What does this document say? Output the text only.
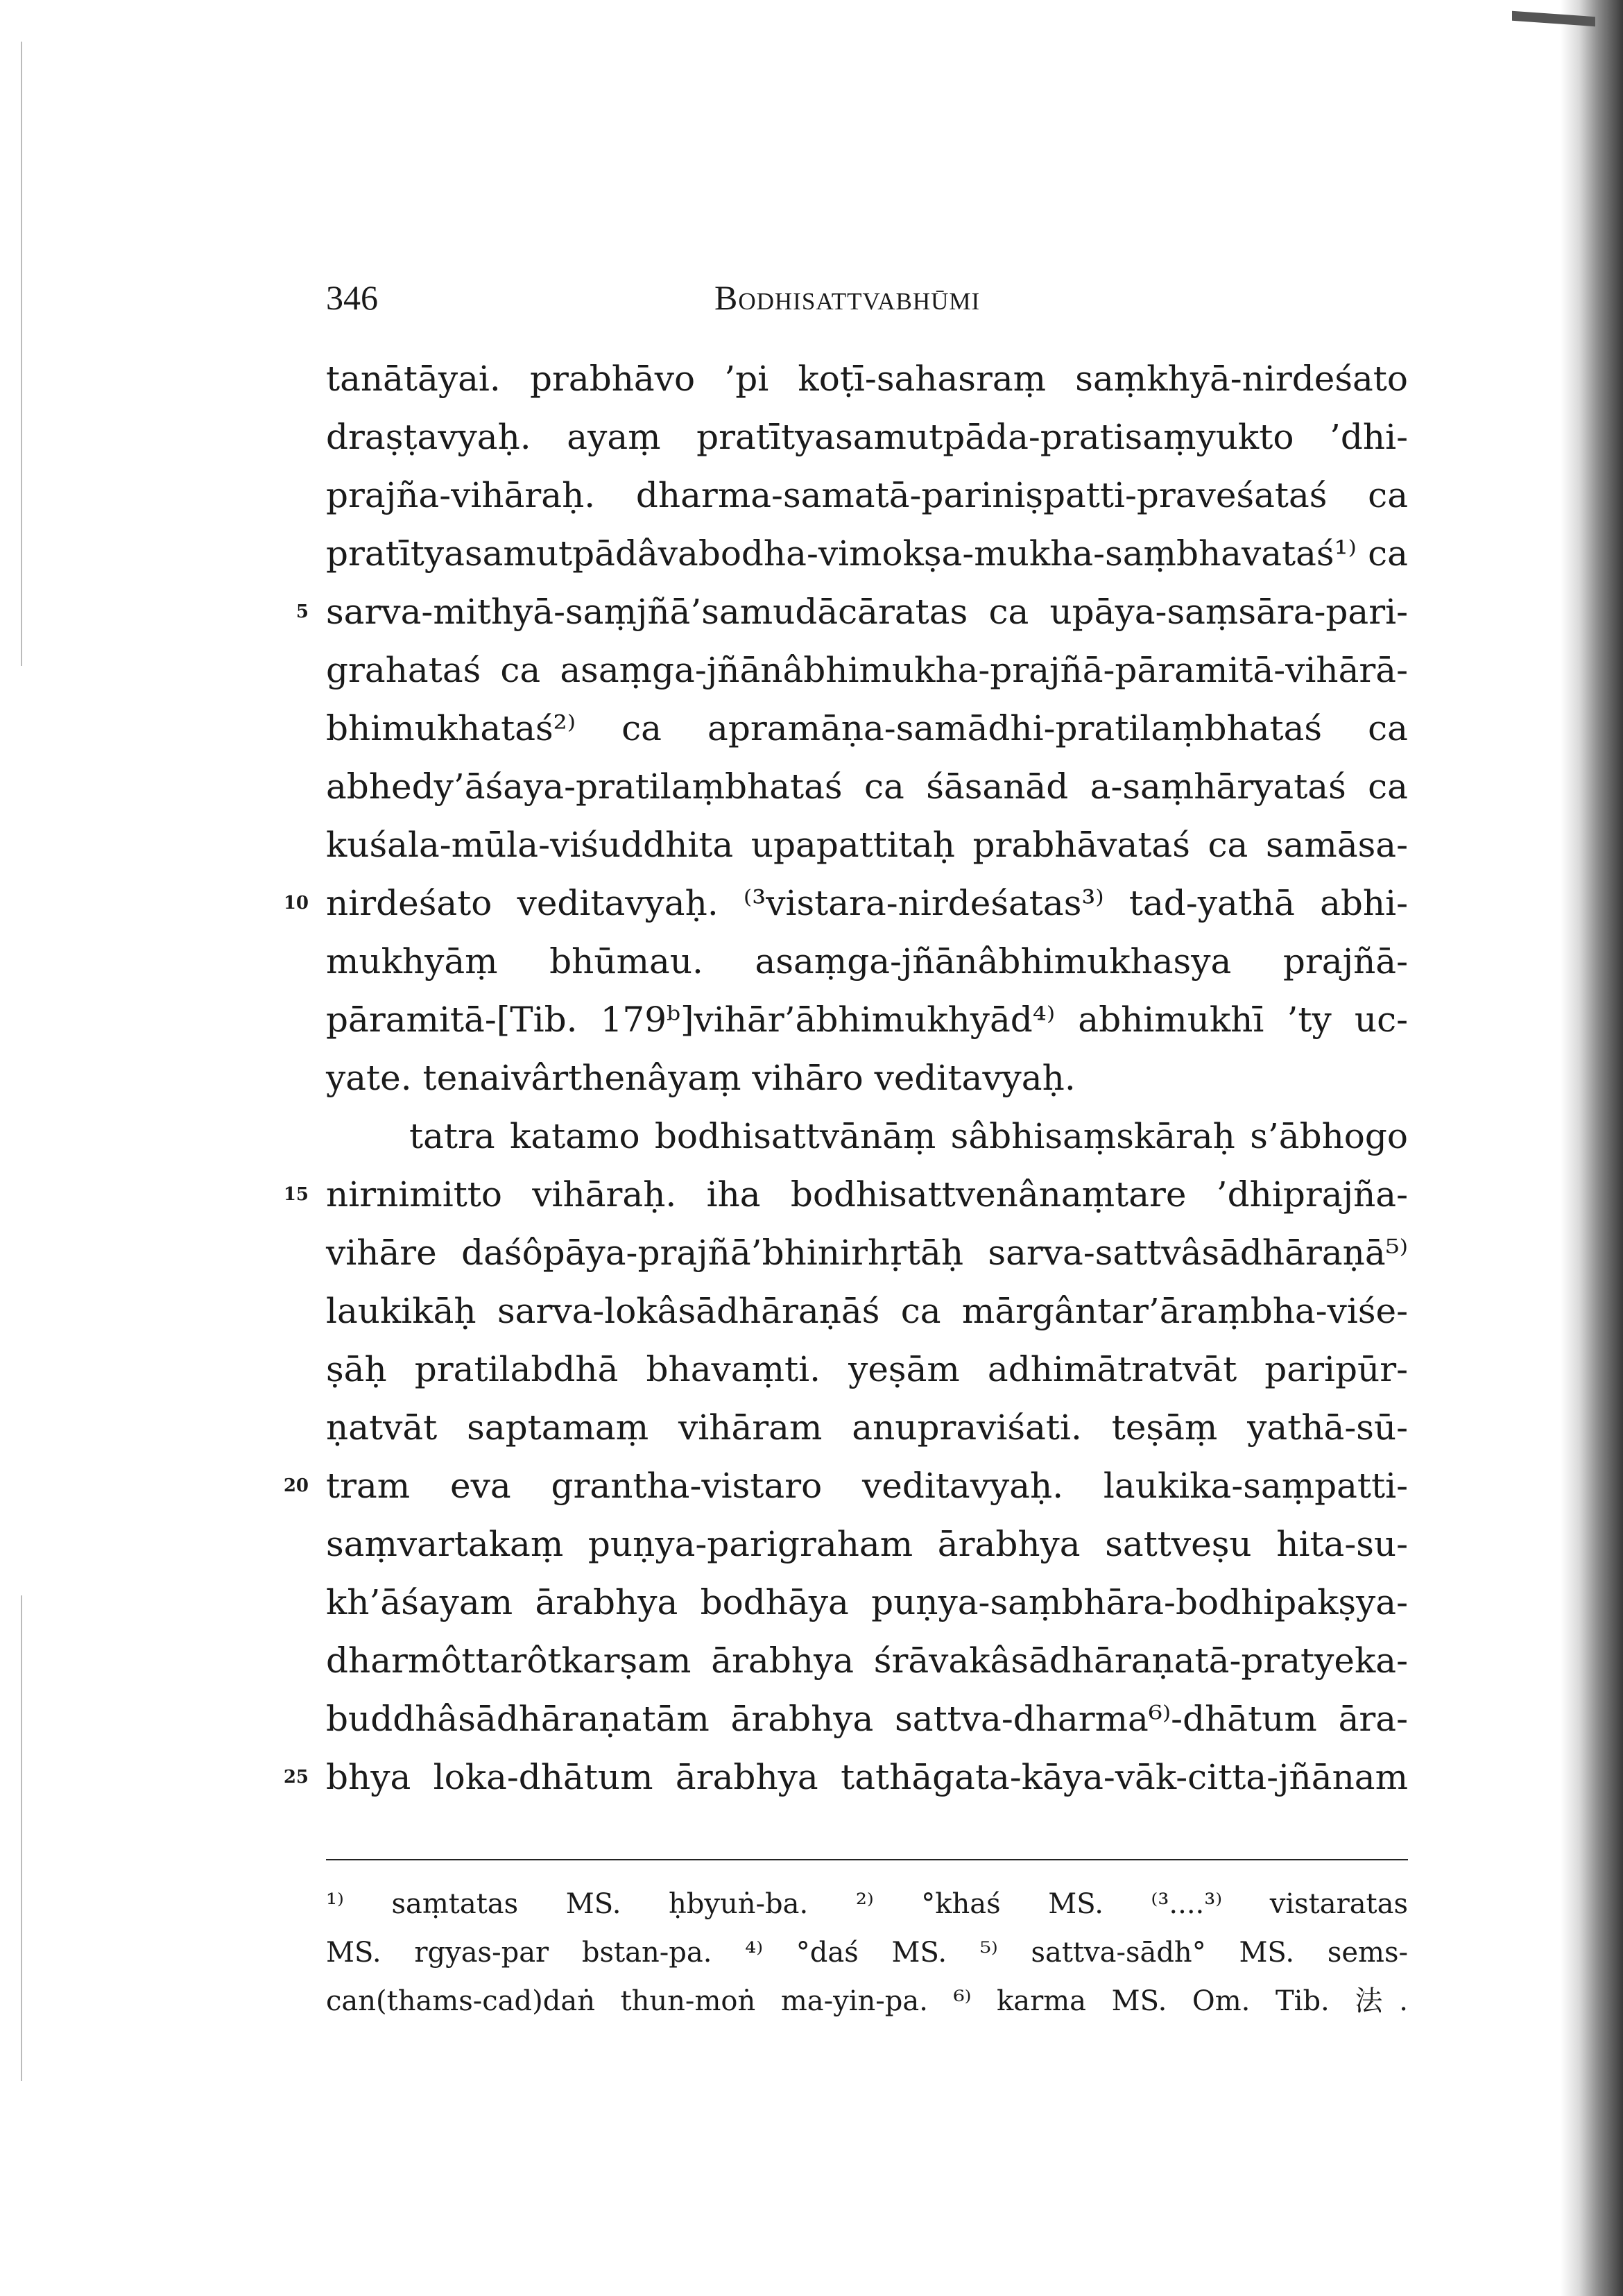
346	Bodhisattvabhūmi
tanātāyai. prabhāvo ’pi koṭī-sahasraṃ saṃkhyā-nirdeśato
draṣṭavyaḥ. ayaṃ pratītyasamutpāda-pratisaṃyukto ’dhi-
prajña-vihāraḥ. dharma-samatā-pariniṣpatti-praveśataś ca
pratītyasamutpādâvabodha-vimokṣa-mukha-saṃbhavataś¹⁾ ca
5 sarva-mithyā-saṃjñā’samudācāratas ca upāya-saṃsāra-pari-
grahataś ca asaṃga-jñānâbhimukha-prajñā-pāramitā-vihārā-
bhimukhataś²⁾ ca apramāṇa-samādhi-pratilaṃbhataś ca
abhedy’āśaya-pratilaṃbhataś ca śāsanād a-saṃhāryataś ca
kuśala-mūla-viśuddhita upapattitaḥ prabhāvataś ca samāsa-
10 nirdeśato veditavyaḥ. ⁽³vistara-nirdeśatas³⁾ tad-yathā abhi-
mukhyāṃ bhūmau. asaṃga-jñānâbhimukhasya prajñā-
pāramitā-[Tib. 179ᵇ]vihār’ābhimukhyād⁴⁾ abhimukhī ’ty uc-
yate. tenaivârthenâyaṃ vihāro veditavyaḥ.
tatra katamo bodhisattvānāṃ sâbhisaṃskāraḥ s’ābhogo
15 nirnimitto vihāraḥ. iha bodhisattvenânaṃtare ’dhiprajña-
vihāre daśôpāya-prajñā’bhinirhṛtāḥ sarva-sattvâsādhāraṇā⁵⁾
laukikāḥ sarva-lokâsādhāraṇāś ca mārgântar’āraṃbha-viśe-
ṣāḥ pratilabdhā bhavaṃti. yeṣām adhimātratvāt paripūr-
ṇatvāt saptamaṃ vihāram anupraviśati. teṣāṃ yathā-sū-
20 tram eva grantha-vistaro veditavyaḥ. laukika-saṃpatti-
saṃvartakaṃ puṇya-parigraham ārabhya sattveṣu hita-su-
kh’āśayam ārabhya bodhāya puṇya-saṃbhāra-bodhipakṣya-
dharmôttarôtkarṣam ārabhya śrāvakâsādhāraṇatā-pratyeka-
buddhâsādhāraṇatām ārabhya sattva-dharma⁶⁾-dhātum āra-
25 bhya loka-dhātum ārabhya tathāgata-kāya-vāk-citta-jñānam
¹⁾ saṃtatas MS. ḥbyuṅ-ba. ²⁾ °khaś MS. ⁽³....³⁾ vistaratas
MS. rgyas-par bstan-pa. ⁴⁾ °daś MS. ⁵⁾ sattva-sādh° MS. sems-
can(thams-cad)daṅ thun-moṅ ma-yin-pa. ⁶⁾ karma MS. Om. Tib. 法.
